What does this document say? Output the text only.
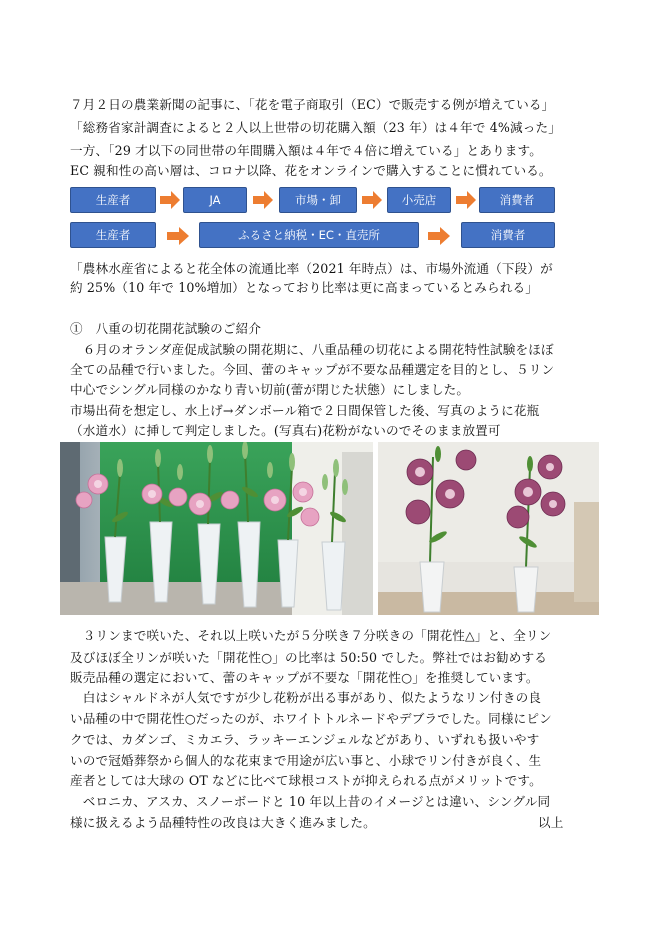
７月２日の農業新聞の記事に、「花を電子商取引（EC）で販売する例が増えている」
「総務省家計調査によると２人以上世帯の切花購入額（23 年）は４年で 4%減った」
一方、「29 才以下の同世帯の年間購入額は４年で４倍に増えている」とあります。
EC 親和性の高い層は、コロナ以降、花をオンラインで購入することに慣れている。
生産者	JA	市場・卸	小売店	消費者
生産者	ふるさと納税・EC・直売所	消費者
「農林水産省によると花全体の流通比率（2021 年時点）は、市場外流通（下段）が
約 25%（10 年で 10%増加）となっており比率は更に高まっているとみられる」
①　八重の切花開花試験のご紹介
　６月のオランダ産促成試験の開花期に、八重品種の切花による開花特性試験をほぼ
全ての品種で行いました。今回、蕾のキャップが不要な品種選定を目的とし、５リン
中心でシングル同様のかなり青い切前(蕾が閉じた状態）にしました。
市場出荷を想定し、水上げ→ダンボール箱で２日間保管した後、写真のように花瓶
（水道水）に挿して判定しました。(写真右)花粉がないのでそのまま放置可
　３リンまで咲いた、それ以上咲いたが５分咲き７分咲きの「開花性△」と、全リン
及びほぼ全リンが咲いた「開花性○」の比率は 50:50 でした。弊社ではお勧めする
販売品種の選定において、蕾のキャップが不要な「開花性○」を推奨しています。
　白はシャルドネが人気ですが少し花粉が出る事があり、似たようなリン付きの良
い品種の中で開花性○だったのが、ホワイトトルネードやデブラでした。同様にピン
クでは、カダンゴ、ミカエラ、ラッキーエンジェルなどがあり、いずれも扱いやす
いので冠婚葬祭から個人的な花束まで用途が広い事と、小球でリン付きが良く、生
産者としては大球の OT などに比べて球根コストが抑えられる点がメリットです。
　ベロニカ、アスカ、スノーボードと 10 年以上昔のイメージとは違い、シングル同
様に扱えるよう品種特性の改良は大きく進みました。	以上
